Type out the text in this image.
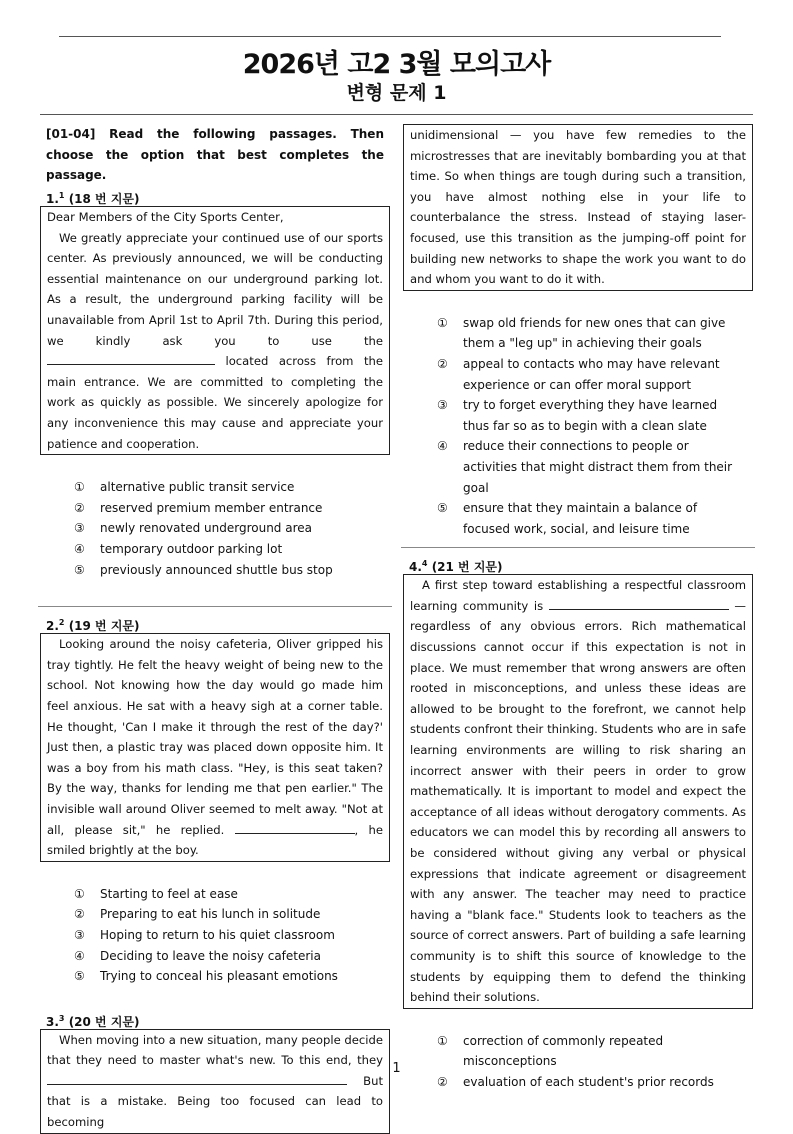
2026년 고2 3월 모의고사
변형 문제 1
[01-04] Read the following passages. Then choose the option that best completes the passage.
1.$^1$ (18 번 지문)

Dear Members of the City Sports Center,

We greatly appreciate your continued use of our sports center. As previously announced, we will be conducting essential maintenance on our underground parking lot. As a result, the underground parking facility will be unavailable from April 1st to April 7th. During this period, we kindly ask you to use the  located across from the main entrance. We are committed to completing the work as quickly as possible. We sincerely apologize for any inconvenience this may cause and appreciate your patience and cooperation.

①	alternative public transit service
②	reserved premium member entrance
③	newly renovated underground area
④	temporary outdoor parking lot
⑤	previously announced shuttle bus stop
2.$^2$ (19 번 지문)

Looking around the noisy cafeteria, Oliver gripped his tray tightly. He felt the heavy weight of being new to the school. Not knowing how the day would go made him feel anxious. He sat with a heavy sigh at a corner table. He thought, 'Can I make it through the rest of the day?' Just then, a plastic tray was placed down opposite him. It was a boy from his math class. "Hey, is this seat taken? By the way, thanks for lending me that pen earlier." The invisible wall around Oliver seemed to melt away. "Not at all, please sit," he replied.	, he smiled brightly at the boy.

①	Starting to feel at ease
②	Preparing to eat his lunch in solitude
③	Hoping to return to his quiet classroom
④	Deciding to leave the noisy cafeteria
⑤	Trying to conceal his pleasant emotions
3.$^3$ (20 번 지문)

When moving into a new situation, many people decide that they need to master what's new. To this end, they  But that is a mistake. Being too focused can lead to becoming

unidimensional — you have few remedies to the microstresses that are inevitably bombarding you at that time. So when things are tough during such a transition, you have almost nothing else in your life to counterbalance the stress. Instead of staying laser-focused, use this transition as the jumping-off point for building new networks to shape the work you want to do and whom you want to do it with.

①	swap old friends for new ones that can give them a "leg up" in achieving their goals
②	appeal to contacts who may have relevant experience or can offer moral support
③	try to forget everything they have learned thus far so as to begin with a clean slate
④	reduce their connections to people or activities that might distract them from their goal
⑤	ensure that they maintain a balance of focused work, social, and leisure time
4.$^4$ (21 번 지문)

A first step toward establishing a respectful classroom learning community is	— regardless of any obvious errors. Rich mathematical discussions cannot occur if this expectation is not in place. We must remember that wrong answers are often rooted in misconceptions, and unless these ideas are allowed to be brought to the forefront, we cannot help students confront their thinking. Students who are in safe learning environments are willing to risk sharing an incorrect answer with their peers in order to grow mathematically. It is important to model and expect the acceptance of all ideas without derogatory comments. As educators we can model this by recording all answers to be considered without giving any verbal or physical expressions that indicate agreement or disagreement with any answer. The teacher may need to practice having a "blank face." Students look to teachers as the source of correct answers. Part of building a safe learning community is to shift this source of knowledge to the students by equipping them to defend the thinking behind their solutions.

①	correction of commonly repeated misconceptions
②	evaluation of each student's prior records
1
